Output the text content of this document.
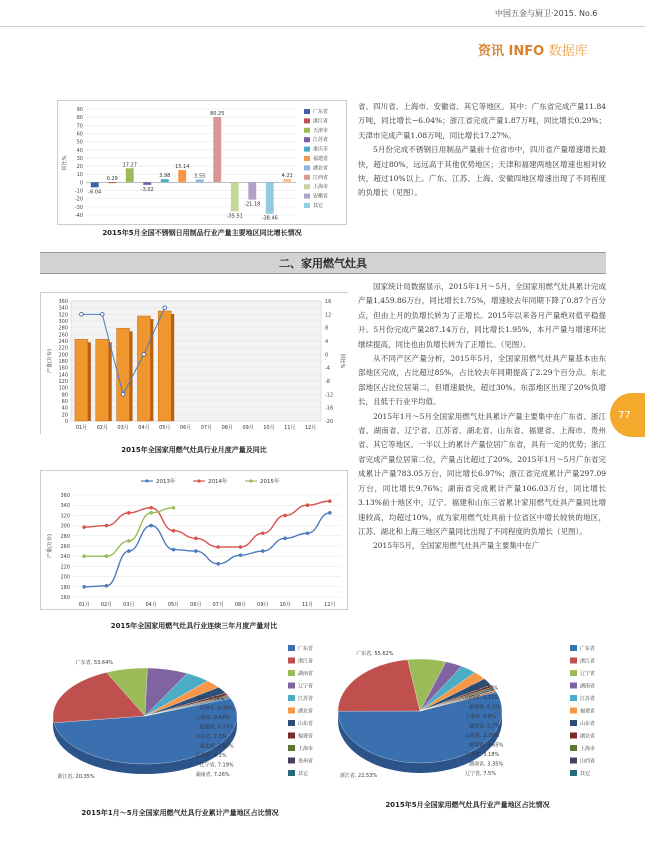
中国五金与厨卫·2015. No.6
资讯 INFO 数据库
77
-40
-30
-20
-10
0
10
20
30
40
50
60
70
80
90
同比%
-6.04
0.29
17.27
-3.02
3.98
15.14
3.55
80.25
-35.51
-21.18
-38.46
4.21
广东省
浙江省
天津市
江苏省
重庆市
福建省
湖北省
江西省
上海市
安徽省
其它
2015年5月全国不锈钢日用制品行业产量主要地区同比增长情况

省、四川省、上海市、安徽省、其它等地区。其中：广东省完成产量11.84万吨，同比增长−6.04%；浙江省完成产量1.87万吨，同比增长0.29%；天津市完成产量1.08万吨，同比增长17.27%。

5月份完成不锈钢日用制品产量前十位省市中，四川省产量增速增长最快，超过80%，远远高于其他优势地区；天津和福建两地区增速也相对较快，超过10%以上。广东、江苏、上海、安徽四地区增速出现了不同程度的负增长（见图）。

二、家用燃气灶具
0
20
40
60
80
100
120
140
160
180
200
220
240
260
280
300
320
340
360	16
12
8
4
0
-4
-8
-12
-16
-20
产量(万台)	同比%
01月 02月 03月 04月 05月 06月 07月 08月 09月 10月 11月 12月
2015年全国家用燃气灶具行业月度产量及同比
160
180
200
220
240
260
280
300
320
340
360
产量(万台)
01月 02月 03月 04月 05月 06月 07月 08月 09月 10月 11月 12月
2013年	2014年	2015年
2015年全国家用燃气灶具行业连续三年月度产量对比

国家统计局数据显示，2015年1月～5月，全国家用燃气灶具累计完成产量1,459.86万台，同比增长1.75%，增速较去年同期下降了0.87个百分点，但由上月的负增长转为了正增长。2015年以来各月产量绝对值平稳提升。5月份完成产量287.14万台，同比增长1.95%，本月产量与增速环比继续提高，同比也由负增长转为了正增长。（见图）。

从不同产区产量分析，2015年5月，全国家用燃气灶具产量基本由东部地区完成，占比超过85%，占比较去年同期提高了2.29个百分点。东北部地区占比位居第二，但增速最快，超过30%。东部地区出现了20%负增长，且低于行业平均值。

2015年1月～5月全国家用燃气灶具累计产量主要集中在广东省、浙江省、湖南省、辽宁省、江苏省、湖北省、山东省、福建省、上海市、贵州省、其它等地区。一半以上的累计产量位居广东省，具有一定的优势；浙江省完成产量位居第二位，产量占比超过了20%。2015年1月～5月广东省完成累计产量783.05万台，同比增长6.97%；浙江省完成累计产量297.09万台，同比增长9.76%；湖南省完成累计产量106.03万台，同比增长3.13%前十地区中，辽宁、福建和山东三省累计家用燃气灶具产量同比增速较高，均超过10%，成为家用燃气灶具前十位省区中增长较快的地区，江苏、湖北和上海三地区产量同比出现了不同程度的负增长（见图）。

2015年5月，全国家用燃气灶具产量主要集中在广

广东省, 53.64%
浙江省, 20.35%	湖南省, 7.26%
辽宁省, 7.19%
江苏省, 4.3%
湖北省, 2.85%
山东省, 2.3%
福建省, 0.77%
上海市, 0.43%
贵州省, 0.36%
其它, 0.34%
广东省
浙江省
湖南省
辽宁省
江苏省
湖北省
山东省
福建省
上海市
贵州省
其它
2015年1月～5月全国家用燃气灶具行业累计产量地区占比情况
广东省, 55.62%
浙江省, 22.53%	辽宁省, 7.5%
湖南省, 3.35%
江苏省, 3.18%
福建省, 2.65%
山东省, 2.26%
湖北省, 0.7%
上海市, 0.6%
福建省, 0.5%
山西省, 0.15%
其它, 0.39%
广东省
浙江省
辽宁省
湖南省
江苏省
福建省
山东省
湖北省
上海市
山西省
其它
2015年5月全国家用燃气灶具行业产量地区占比情况
